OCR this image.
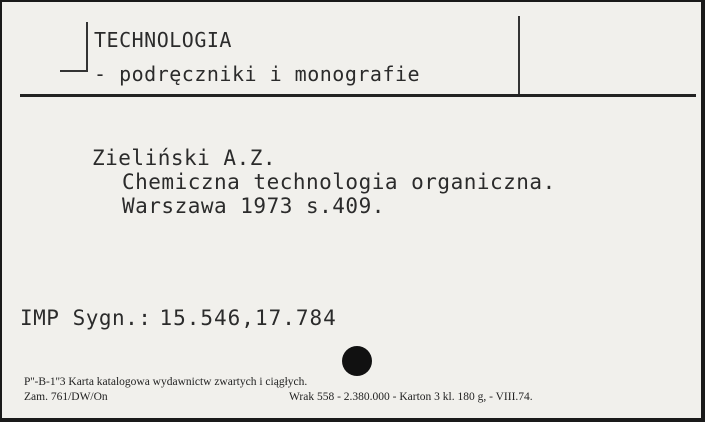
TECHNOLOGIA
- podręczniki i monografie
Zieliński A.Z.
Chemiczna technologia organiczna.
Warszawa 1973 s.409.
IMP Sygn.: 15.546,17.784
P''-B-1''3 Karta katalogowa wydawnictw zwartych i ciągłych.
Zam. 761/DW/On	Wrak 558 - 2.380.000 - Karton 3 kl. 180 g, - VIII.74.
